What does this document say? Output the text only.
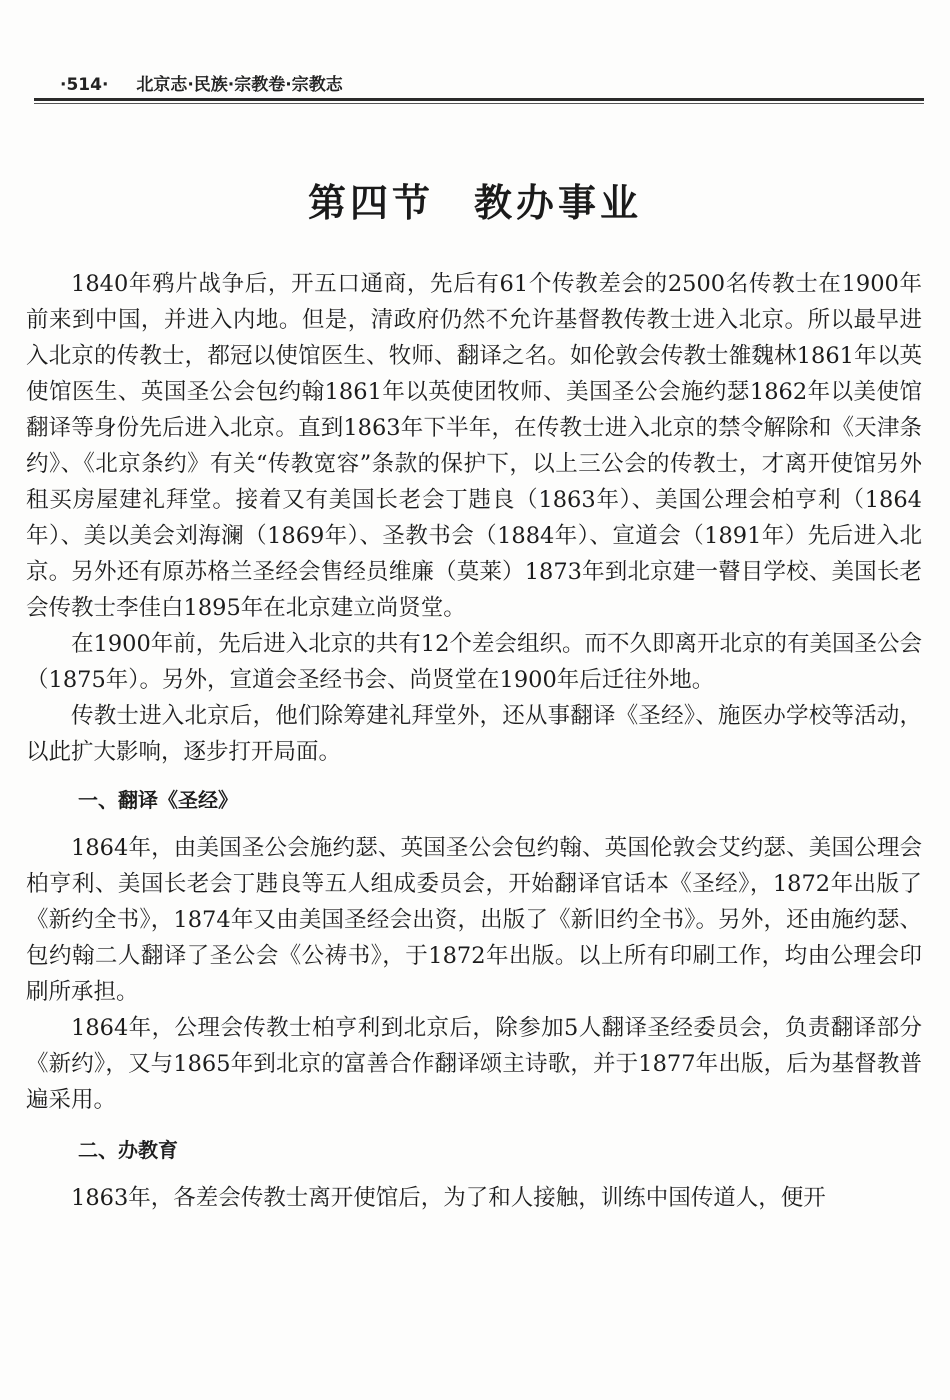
·514· 北京志·民族·宗教卷·宗教志
第四节 教办事业

1840年鸦片战争后，开五口通商，先后有61个传教差会的2500名传教士在1900年前来到中国，并进入内地。但是，清政府仍然不允许基督教传教士进入北京。所以最早进入北京的传教士，都冠以使馆医生、牧师、翻译之名。如伦敦会传教士雒魏林1861年以英使馆医生、英国圣公会包约翰1861年以英使团牧师、美国圣公会施约瑟1862年以美使馆翻译等身份先后进入北京。直到1863年下半年，在传教士进入北京的禁令解除和《天津条约》、《北京条约》有关“传教宽容”条款的保护下，以上三公会的传教士，才离开使馆另外租买房屋建礼拜堂。接着又有美国长老会丁韪良（1863年）、美国公理会柏亨利（1864年）、美以美会刘海澜（1869年）、圣教书会（1884年）、宣道会（1891年）先后进入北京。另外还有原苏格兰圣经会售经员维廉（莫莱）1873年到北京建一瞽目学校、美国长老会传教士李佳白1895年在北京建立尚贤堂。

在1900年前，先后进入北京的共有12个差会组织。而不久即离开北京的有美国圣公会（1875年）。另外，宣道会圣经书会、尚贤堂在1900年后迁往外地。

传教士进入北京后，他们除筹建礼拜堂外，还从事翻译《圣经》、施医办学校等活动，以此扩大影响，逐步打开局面。

一、翻译《圣经》

1864年，由美国圣公会施约瑟、英国圣公会包约翰、英国伦敦会艾约瑟、美国公理会柏亨利、美国长老会丁韪良等五人组成委员会，开始翻译官话本《圣经》，1872年出版了《新约全书》，1874年又由美国圣经会出资，出版了《新旧约全书》。另外，还由施约瑟、包约翰二人翻译了圣公会《公祷书》，于1872年出版。以上所有印刷工作，均由公理会印刷所承担。

1864年，公理会传教士柏亨利到北京后，除参加5人翻译圣经委员会，负责翻译部分《新约》，又与1865年到北京的富善合作翻译颂主诗歌，并于1877年出版，后为基督教普遍采用。

二、办教育

1863年，各差会传教士离开使馆后，为了和人接触，训练中国传道人，便开
